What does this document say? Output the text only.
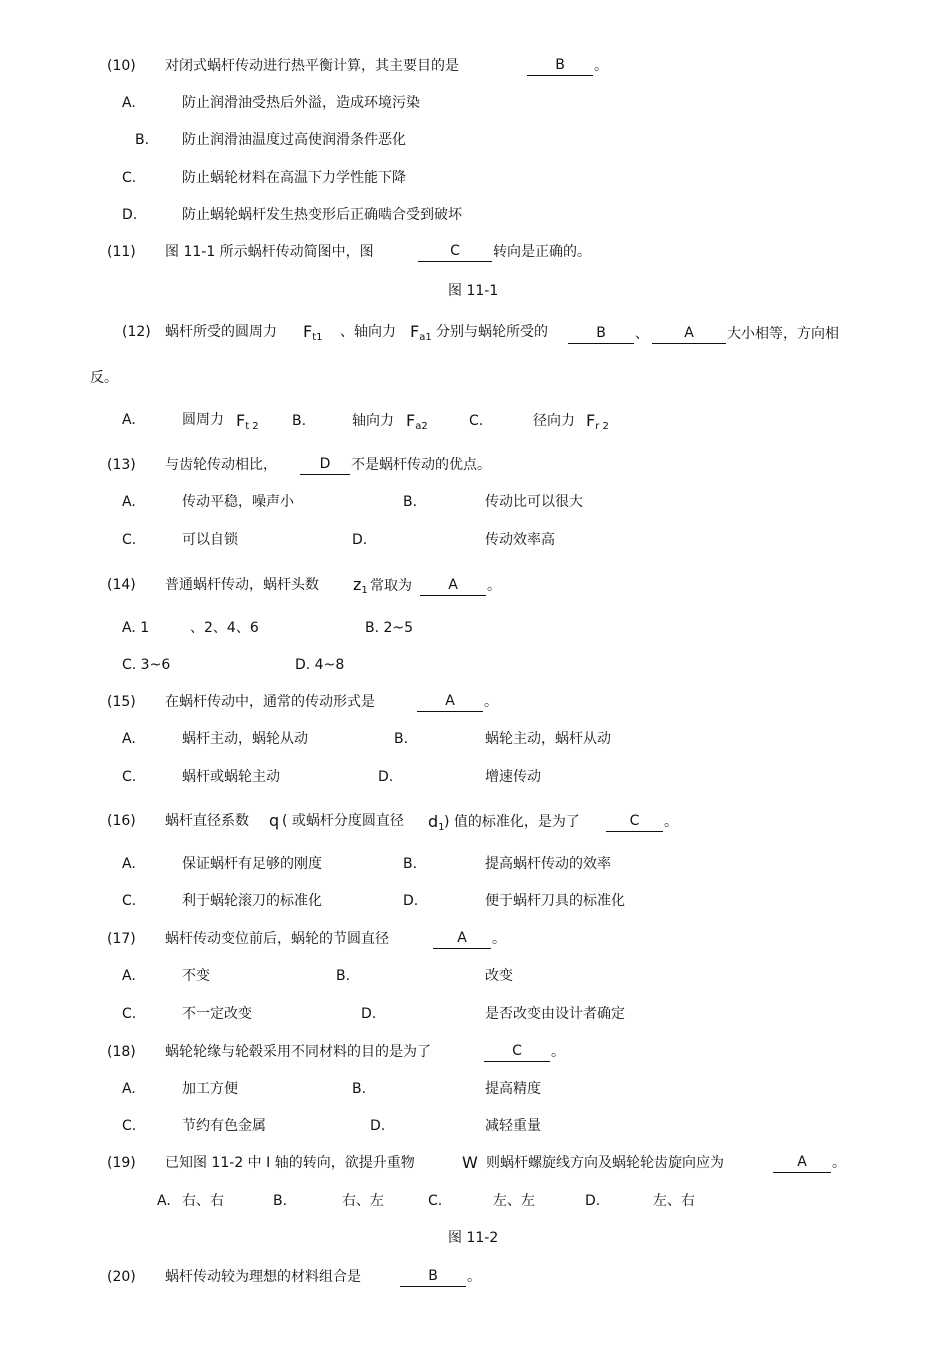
(10) 对闭式蜗杆传动进行热平衡计算，其主要目的是	B	。
A.	防止润滑油受热后外溢，造成环境污染
B. 防止润滑油温度过高使润滑条件恶化
C.	防止蜗轮材料在高温下力学性能下降
D.	防止蜗轮蜗杆发生热变形后正确啮合受到破坏
(11) 图 11-1 所示蜗杆传动简图中，图	C	转向是正确的。
图 11-1
(12) 蜗杆所受的圆周力 $F_{t1}$ 、轴向力 $F_{a1}$ 分别与蜗轮所受的	B	、	A	大小相等，方向相
反。
A.	圆周力 $F_{t 2}$ B.	轴向力 $F_{a2}$	C.	径向力 $F_{r 2}$
(13) 与齿轮传动相比，	D	不是蜗杆传动的优点。
A.	传动平稳，噪声小	B.	传动比可以很大
C.	可以自锁	D.	传动效率高
(14) 普通蜗杆传动，蜗杆头数 $z_1$ 常取为	A	。
A. 1	、2、4、6	B. 2~5
C. 3~6	D. 4~8
(15) 在蜗杆传动中，通常的传动形式是	A	。
A.	蜗杆主动，蜗轮从动	B.	蜗轮主动，蜗杆从动
C.	蜗杆或蜗轮主动	D.	增速传动
(16) 蜗杆直径系数 q ( 或蜗杆分度圆直径 $d_1$ ) 值的标准化，是为了	C	。
A.	保证蜗杆有足够的刚度	B.	提高蜗杆传动的效率
C.	利于蜗轮滚刀的标准化	D.	便于蜗杆刀具的标准化
(17) 蜗杆传动变位前后，蜗轮的节圆直径	A	。
A.	不变	B.	改变
C.	不一定改变	D.	是否改变由设计者确定
(18) 蜗轮轮缘与轮毂采用不同材料的目的是为了	C	。
A.	加工方便	B.	提高精度
C.	节约有色金属	D.	减轻重量
(19) 已知图 11-2 中 I 轴的转向，欲提升重物	W 则蜗杆螺旋线方向及蜗轮轮齿旋向应为	A	。
A. 右、右	B.	右、左	C.	左、左	D.	左、右
图 11-2
(20) 蜗杆传动较为理想的材料组合是	B	。
